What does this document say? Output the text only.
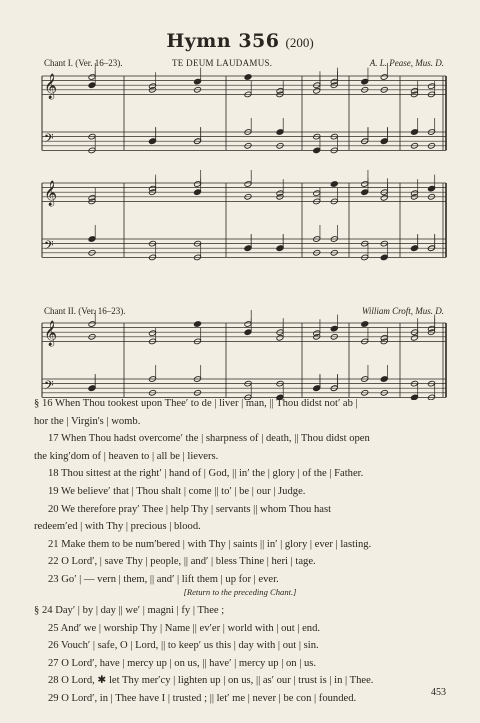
Hymn 356 (200)
Chant I. (Ver. 16–23).	TE DEUM LAUDAMUS.	A. L. Pease, Mus. D.
Chant II. (Ver. 16–23).	William Croft, Mus. D.
𝄞
𝄢
𝄞
𝄢
𝄞
𝄢
§ 16 When Thou tookest upon Thee′ to de | liver | man, || Thou didst not′ ab |
hor the | Virgin's | womb.
17 When Thou hadst overcome′ the | sharpness of | death, || Thou didst open
the king′dom of | heaven to | all be | lievers.
18 Thou sittest at the right′ | hand of | God, || in′ the | glory | of the | Father.
19 We believe′ that | Thou shalt | come || to′ | be | our | Judge.
20 We therefore pray′ Thee | help Thy | servants || whom Thou hast
redeem′ed | with Thy | precious | blood.
21 Make them to be num′bered | with Thy | saints || in′ | glory | ever | lasting.
22 O Lord′, | save Thy | people, || and′ | bless Thine | heri | tage.
23 Go′ | — vern | them, || and′ | lift them | up for | ever.
[Return to the preceding Chant.]
§ 24 Day′ | by | day || we′ | magni | fy | Thee ;
25 And′ we | worship Thy | Name || ev′er | world with | out | end.
26 Vouch′ | safe, O | Lord, || to keep′ us this | day with | out | sin.
27 O Lord′, have | mercy up | on us, || have′ | mercy up | on | us.
28 O Lord, ✱ let Thy mer′cy | lighten up | on us, || as′ our | trust is | in | Thee.
29 O Lord′, in | Thee have I | trusted ; || let′ me | never | be con | founded.
453
